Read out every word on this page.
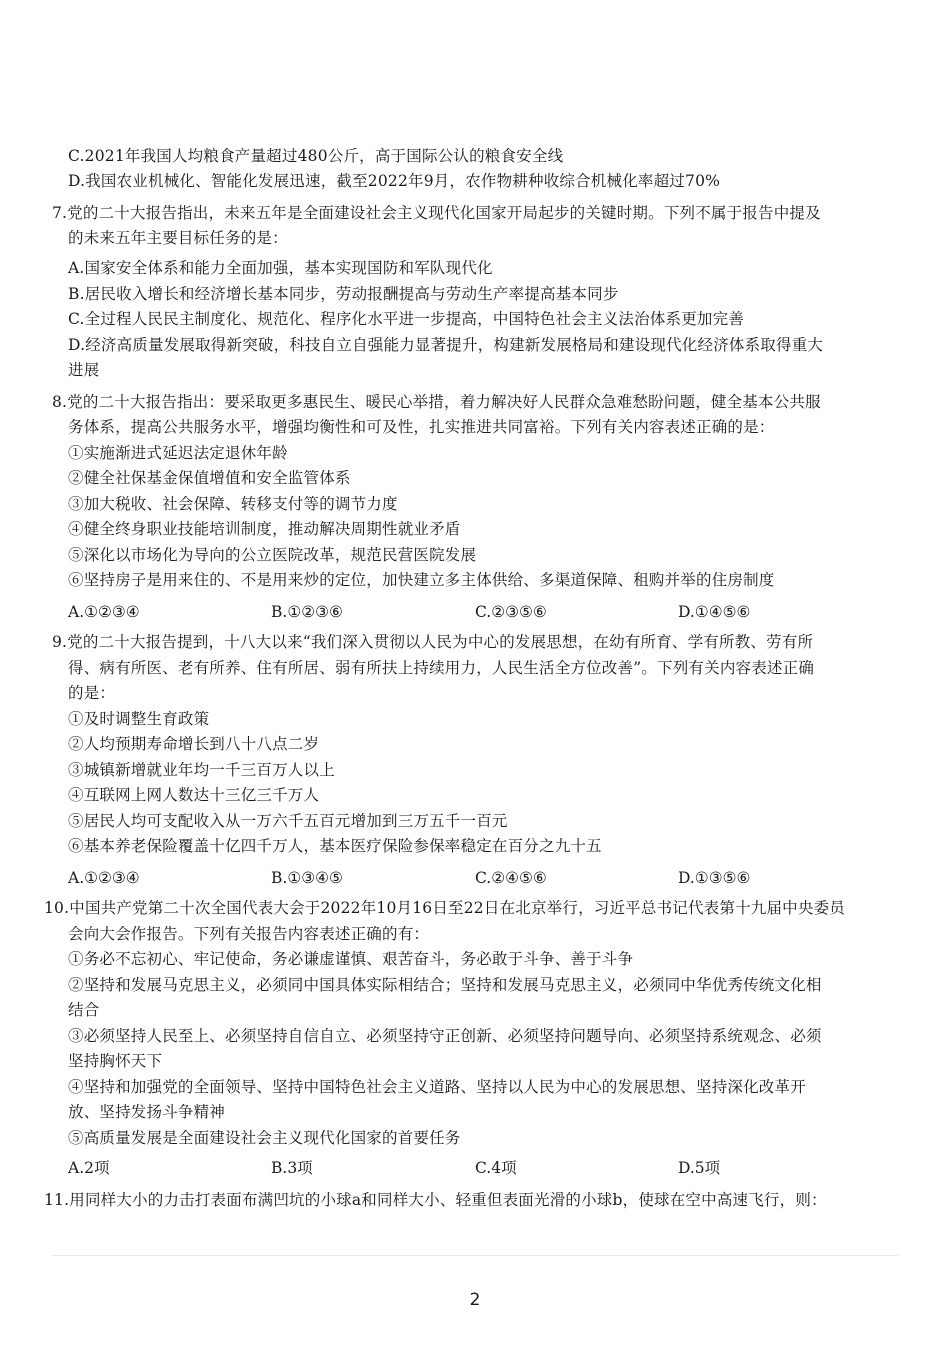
C.2021年我国人均粮食产量超过480公斤，高于国际公认的粮食安全线
D.我国农业机械化、智能化发展迅速，截至2022年9月，农作物耕种收综合机械化率超过70%
7.党的二十大报告指出，未来五年是全面建设社会主义现代化国家开局起步的关键时期。下列不属于报告中提及
的未来五年主要目标任务的是：
A.国家安全体系和能力全面加强，基本实现国防和军队现代化
B.居民收入增长和经济增长基本同步，劳动报酬提高与劳动生产率提高基本同步
C.全过程人民民主制度化、规范化、程序化水平进一步提高，中国特色社会主义法治体系更加完善
D.经济高质量发展取得新突破，科技自立自强能力显著提升，构建新发展格局和建设现代化经济体系取得重大
进展
8.党的二十大报告指出：要采取更多惠民生、暖民心举措，着力解决好人民群众急难愁盼问题，健全基本公共服
务体系，提高公共服务水平，增强均衡性和可及性，扎实推进共同富裕。下列有关内容表述正确的是：
①实施渐进式延迟法定退休年龄
②健全社保基金保值增值和安全监管体系
③加大税收、社会保障、转移支付等的调节力度
④健全终身职业技能培训制度，推动解决周期性就业矛盾
⑤深化以市场化为导向的公立医院改革，规范民营医院发展
⑥坚持房子是用来住的、不是用来炒的定位，加快建立多主体供给、多渠道保障、租购并举的住房制度
A.①②③④	B.①②③⑥	C.②③⑤⑥	D.①④⑤⑥
9.党的二十大报告提到，十八大以来“我们深入贯彻以人民为中心的发展思想，在幼有所育、学有所教、劳有所
得、病有所医、老有所养、住有所居、弱有所扶上持续用力，人民生活全方位改善”。下列有关内容表述正确
的是：
①及时调整生育政策
②人均预期寿命增长到八十八点二岁
③城镇新增就业年均一千三百万人以上
④互联网上网人数达十三亿三千万人
⑤居民人均可支配收入从一万六千五百元增加到三万五千一百元
⑥基本养老保险覆盖十亿四千万人，基本医疗保险参保率稳定在百分之九十五
A.①②③④	B.①③④⑤	C.②④⑤⑥	D.①③⑤⑥
10.中国共产党第二十次全国代表大会于2022年10月16日至22日在北京举行，习近平总书记代表第十九届中央委员
会向大会作报告。下列有关报告内容表述正确的有：
①务必不忘初心、牢记使命，务必谦虚谨慎、艰苦奋斗，务必敢于斗争、善于斗争
②坚持和发展马克思主义，必须同中国具体实际相结合；坚持和发展马克思主义，必须同中华优秀传统文化相
结合
③必须坚持人民至上、必须坚持自信自立、必须坚持守正创新、必须坚持问题导向、必须坚持系统观念、必须
坚持胸怀天下
④坚持和加强党的全面领导、坚持中国特色社会主义道路、坚持以人民为中心的发展思想、坚持深化改革开
放、坚持发扬斗争精神
⑤高质量发展是全面建设社会主义现代化国家的首要任务
A.2项	B.3项	C.4项	D.5项
11.用同样大小的力击打表面布满凹坑的小球a和同样大小、轻重但表面光滑的小球b，使球在空中高速飞行，则：
2
